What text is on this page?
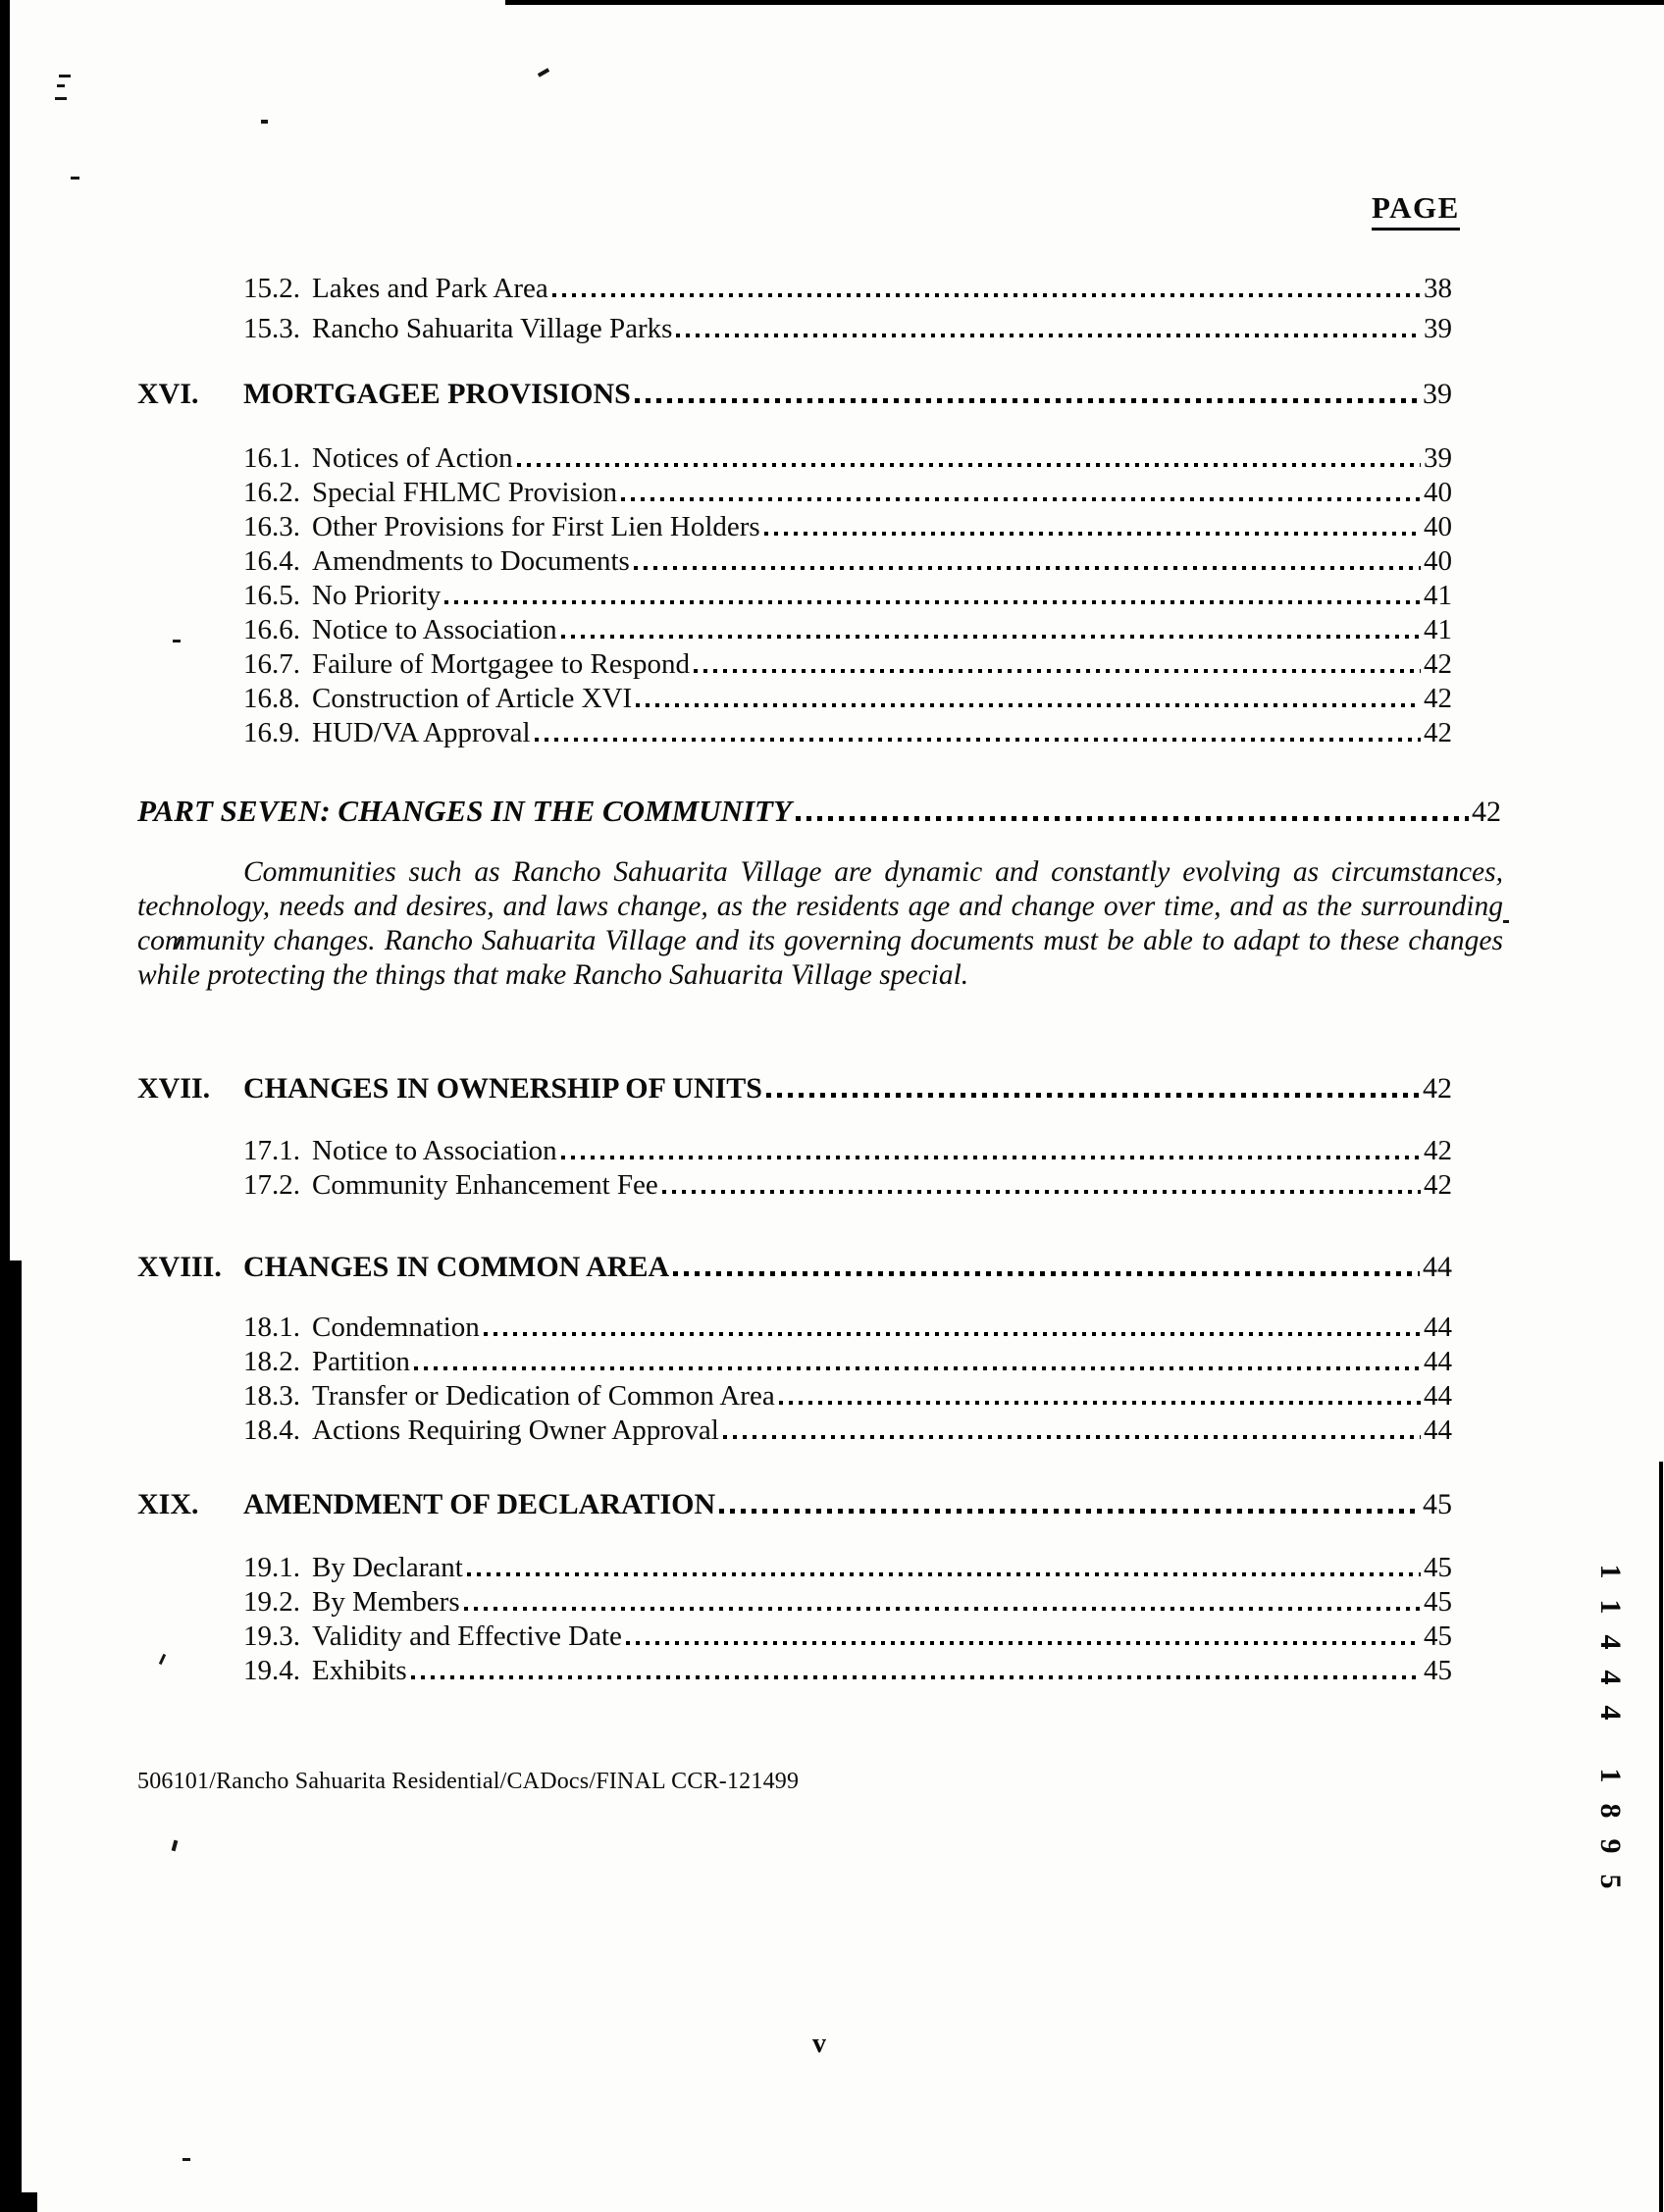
PAGE
15.2. Lakes and Park Area	38
15.3. Rancho Sahuarita Village Parks	39
XVI.	MORTGAGEE PROVISIONS	39
16.1. Notices of Action	39
16.2. Special FHLMC Provision	40
16.3. Other Provisions for First Lien Holders	40
16.4. Amendments to Documents	40
16.5. No Priority	41
16.6. Notice to Association	41
16.7. Failure of Mortgagee to Respond	42
16.8. Construction of Article XVI	42
16.9. HUD/VA Approval	42
PART SEVEN: CHANGES IN THE COMMUNITY	42
Communities such as Rancho Sahuarita Village are dynamic and constantly evolving as circumstances, technology, needs and desires, and laws change, as the residents age and change over time, and as the surrounding community changes. Rancho Sahuarita Village and its governing documents must be able to adapt to these changes while protecting the things that make Rancho Sahuarita Village special.
XVII.	CHANGES IN OWNERSHIP OF UNITS	42
17.1. Notice to Association	42
17.2. Community Enhancement Fee	42
XVIII. CHANGES IN COMMON AREA	44
18.1. Condemnation	44
18.2. Partition	44
18.3. Transfer or Dedication of Common Area	44
18.4. Actions Requiring Owner Approval	44
XIX.	AMENDMENT OF DECLARATION	45
19.1. By Declarant	45
19.2. By Members	45
19.3. Validity and Effective Date	45
19.4. Exhibits	45
506101/Rancho Sahuarita Residential/CADocs/FINAL CCR-121499
v
1
1
4
4
4
1
8
9
5
